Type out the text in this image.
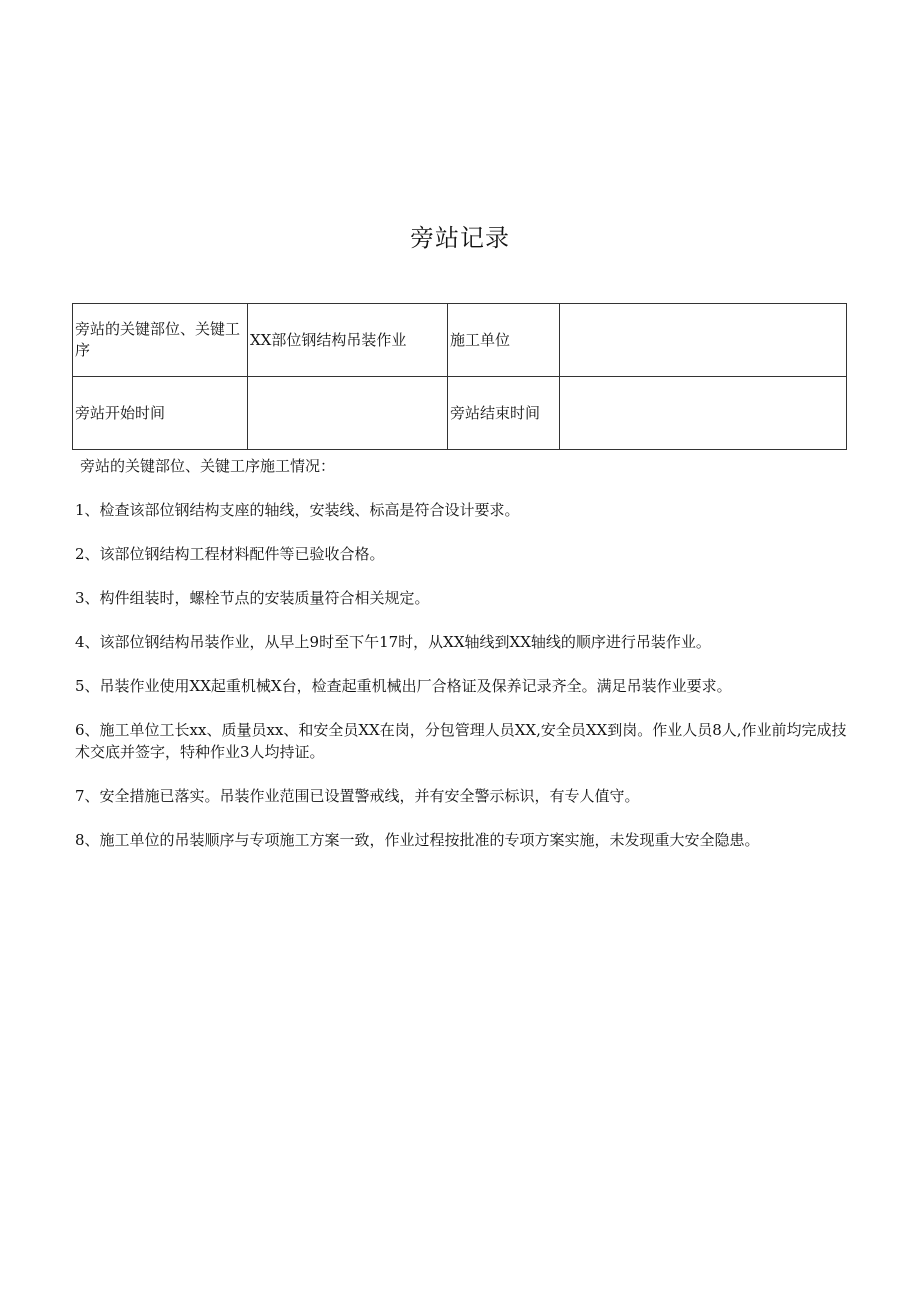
旁站记录
旁站的关键部位、关键工序	XX部位钢结构吊装作业	施工单位	
旁站开始时间		旁站结束时间	

旁站的关键部位、关键工序施工情况：

1、检查该部位钢结构支座的轴线，安装线、标高是符合设计要求。

2、该部位钢结构工程材料配件等已验收合格。

3、构件组装时，螺栓节点的安装质量符合相关规定。

4、该部位钢结构吊装作业，从早上9时至下午17时，从XX轴线到XX轴线的顺序进行吊装作业。

5、吊装作业使用XX起重机械X台，检查起重机械出厂合格证及保养记录齐全。满足吊装作业要求。

6、施工单位工长xx、质量员xx、和安全员XX在岗，分包管理人员XX,安全员XX到岗。作业人员8人,作业前均完成技术交底并签字，特种作业3人均持证。

7、安全措施已落实。吊装作业范围已设置警戒线，并有安全警示标识，有专人值守。

8、施工单位的吊装顺序与专项施工方案一致，作业过程按批准的专项方案实施，未发现重大安全隐患。
